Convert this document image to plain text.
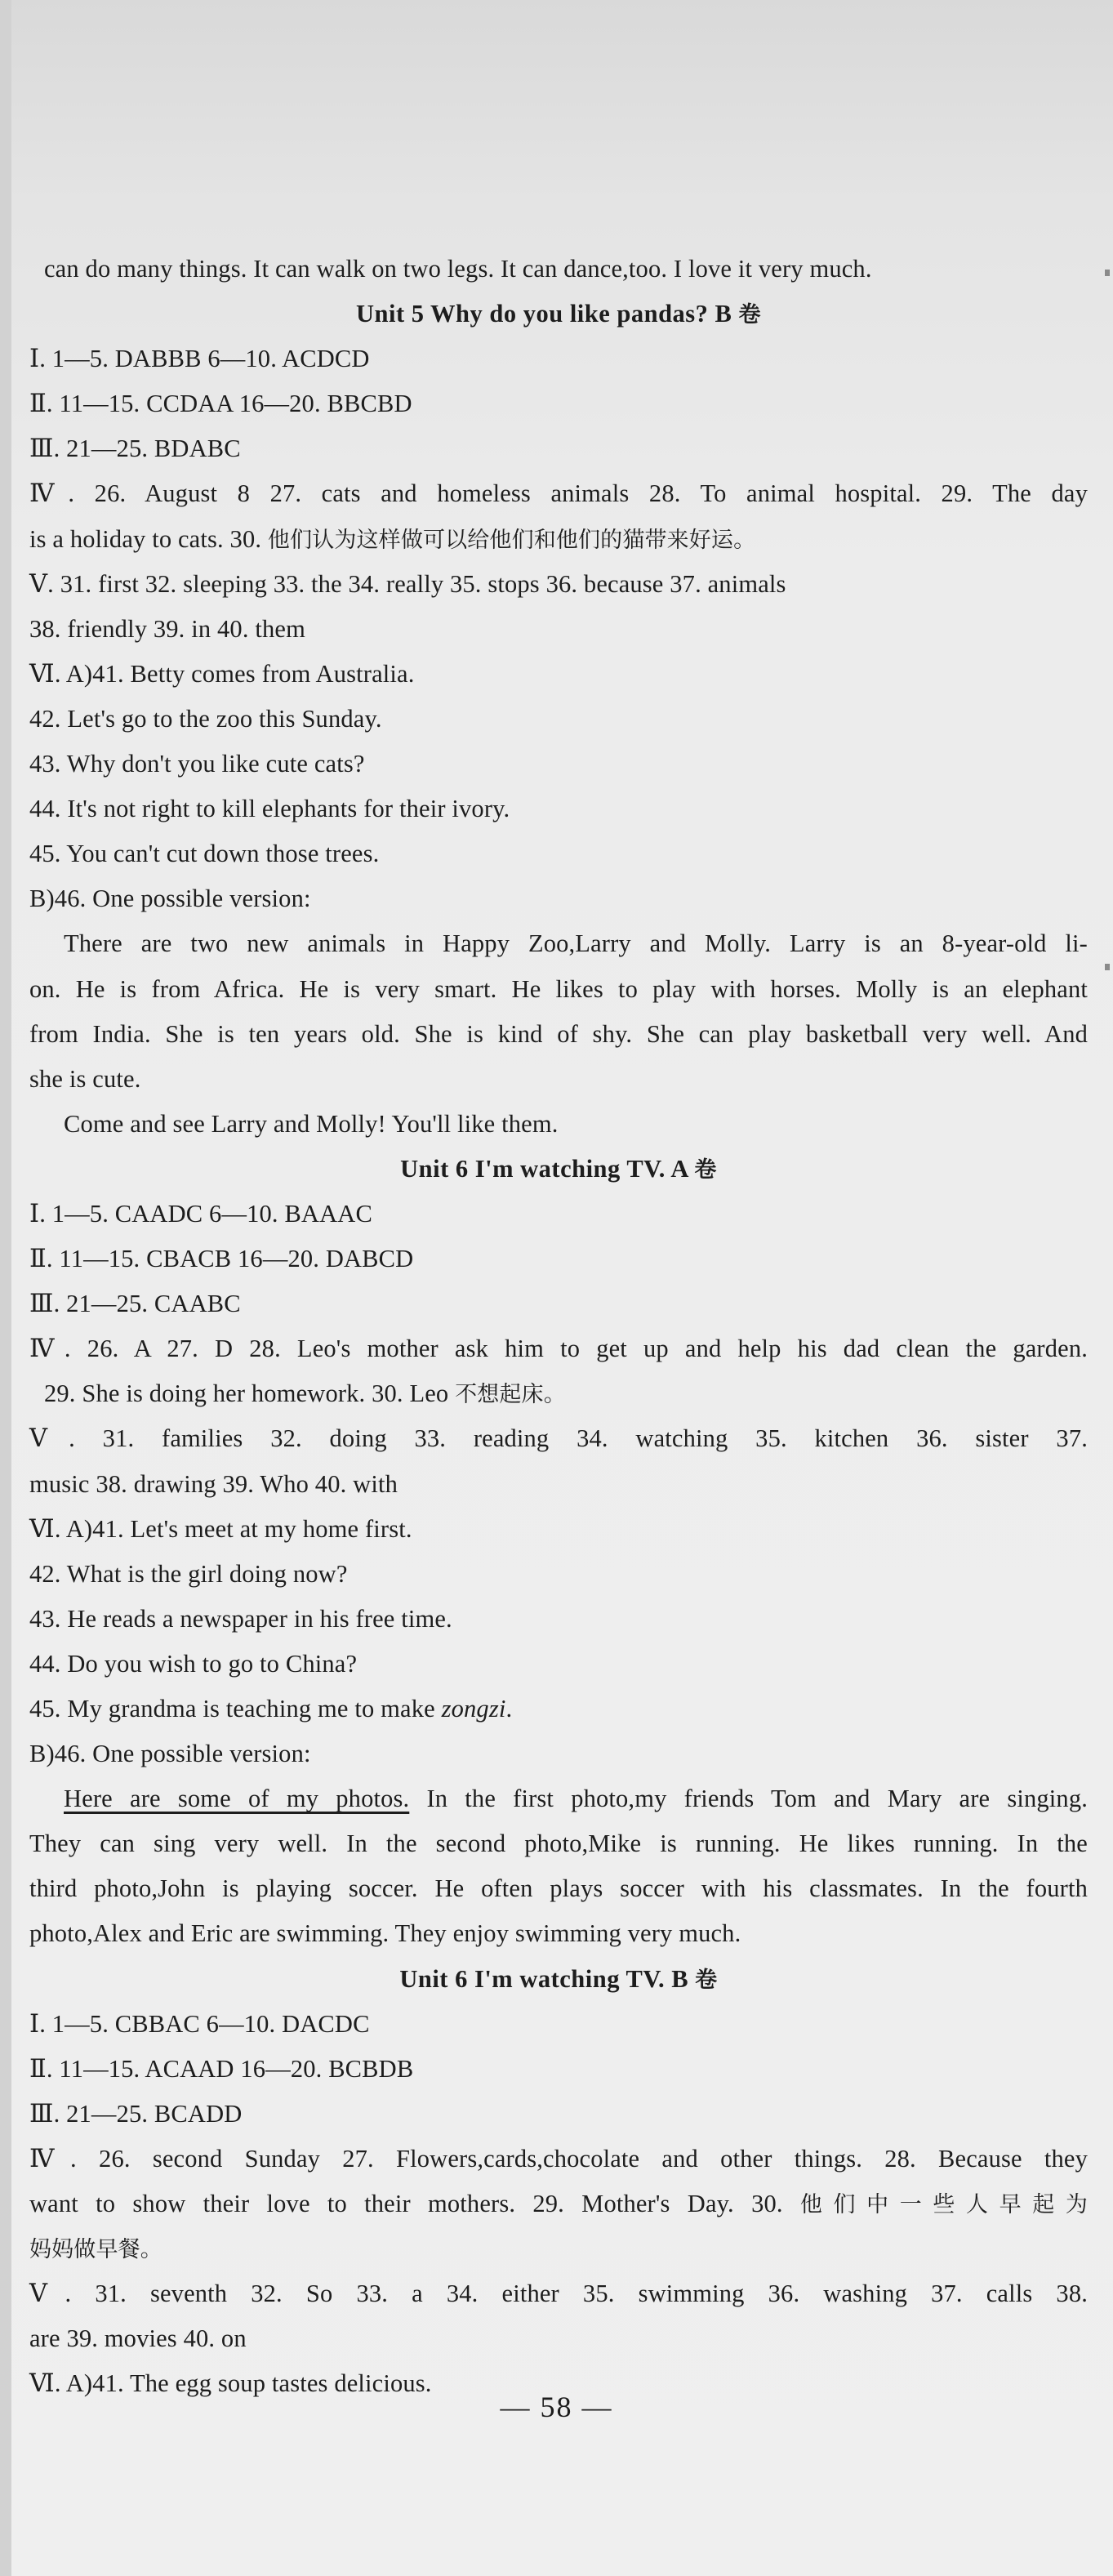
can do many things. It can walk on two legs. It can dance,too. I love it very much.
Unit 5 Why do you like pandas? B 卷
Ⅰ. 1—5. DABBB 6—10. ACDCD
Ⅱ. 11—15. CCDAA 16—20. BBCBD
Ⅲ. 21—25. BDABC
Ⅳ. 26. August 8 27. cats and homeless animals 28. To animal hospital. 29. The day
is a holiday to cats. 30. 他们认为这样做可以给他们和他们的猫带来好运。
Ⅴ. 31. first 32. sleeping 33. the 34. really 35. stops 36. because 37. animals
38. friendly 39. in 40. them
Ⅵ. A)41. Betty comes from Australia.
42. Let's go to the zoo this Sunday.
43. Why don't you like cute cats?
44. It's not right to kill elephants for their ivory.
45. You can't cut down those trees.
B)46. One possible version:
There are two new animals in Happy Zoo,Larry and Molly. Larry is an 8-year-old li-
on. He is from Africa. He is very smart. He likes to play with horses. Molly is an elephant
from India. She is ten years old. She is kind of shy. She can play basketball very well. And
she is cute.
Come and see Larry and Molly! You'll like them.
Unit 6 I'm watching TV. A 卷
Ⅰ. 1—5. CAADC 6—10. BAAAC
Ⅱ. 11—15. CBACB 16—20. DABCD
Ⅲ. 21—25. CAABC
Ⅳ. 26. A 27. D 28. Leo's mother ask him to get up and help his dad clean the garden.
29. She is doing her homework. 30. Leo 不想起床。
Ⅴ. 31. families 32. doing 33. reading 34. watching 35. kitchen 36. sister 37.
music 38. drawing 39. Who 40. with
Ⅵ. A)41. Let's meet at my home first.
42. What is the girl doing now?
43. He reads a newspaper in his free time.
44. Do you wish to go to China?
45. My grandma is teaching me to make zongzi.
B)46. One possible version:
Here are some of my photos. In the first photo,my friends Tom and Mary are singing.
They can sing very well. In the second photo,Mike is running. He likes running. In the
third photo,John is playing soccer. He often plays soccer with his classmates. In the fourth
photo,Alex and Eric are swimming. They enjoy swimming very much.
Unit 6 I'm watching TV. B 卷
Ⅰ. 1—5. CBBAC 6—10. DACDC
Ⅱ. 11—15. ACAAD 16—20. BCBDB
Ⅲ. 21—25. BCADD
Ⅳ. 26. second Sunday 27. Flowers,cards,chocolate and other things. 28. Because they
want to show their love to their mothers. 29. Mother's Day. 30. 他们中一些人早起为
妈妈做早餐。
Ⅴ. 31. seventh 32. So 33. a 34. either 35. swimming 36. washing 37. calls 38.
are 39. movies 40. on
Ⅵ. A)41. The egg soup tastes delicious.
— 58 —
